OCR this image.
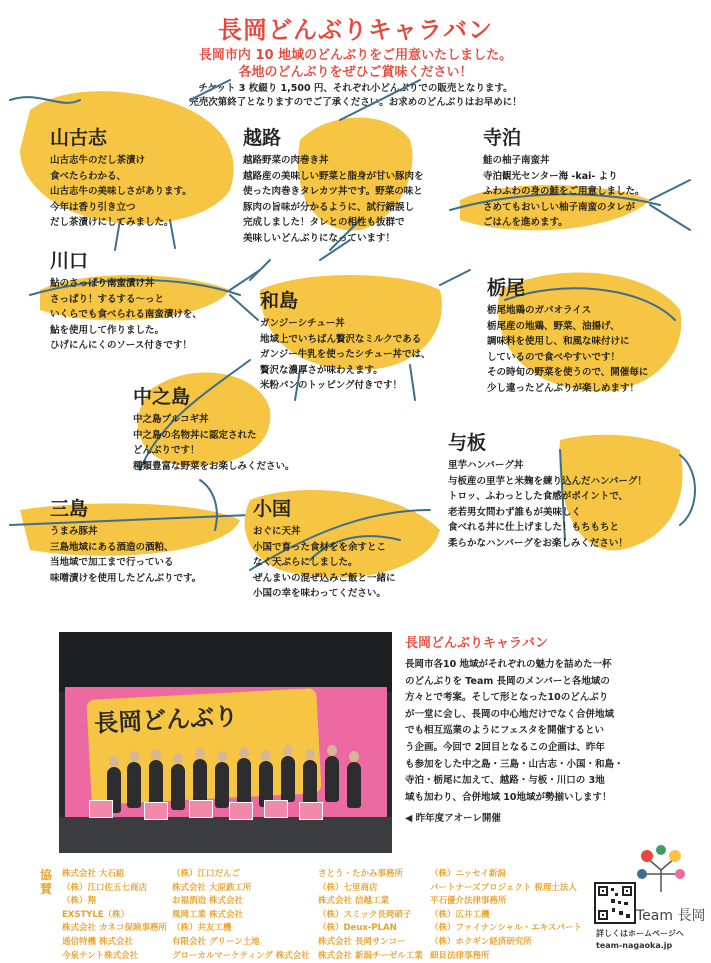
長岡どんぶりキャラバン
長岡市内 10 地域のどんぶりをご用意いたしました。
各地のどんぶりをぜひご賞味ください！
チケット 3 枚綴り 1,500 円、それぞれ小どんぶりでの販売となります。
完売次第終了となりますのでご了承ください。お求めのどんぶりはお早めに！
山古志
山古志牛のだし茶漬け
食べたらわかる、
山古志牛の美味しさがあります。
今年は香り引き立つ
だし茶漬けにしてみました。
越路
越路野菜の肉巻き丼
越路産の美味しい野菜と脂身が甘い豚肉を
使った肉巻きタレカツ丼です。野菜の味と
豚肉の旨味が分かるように、試行錯誤し
完成しました！タレとの相性も抜群で
美味しいどんぶりになっています！
寺泊
鮭の柚子南蛮丼
寺泊観光センター海 -kai- より
ふわふわの身の鮭をご用意しました。
さめてもおいしい柚子南蛮のタレが
ごはんを進めます。
川口
鮎のさっぱり南蛮漬け丼
さっぱり！するする〜っと
いくらでも食べられる南蛮漬けを、
鮎を使用して作りました。
ひげにんにくのソース付きです！
和島
ガンジーシチュー丼
地域上でいちばん贅沢なミルクである
ガンジー牛乳を使ったシチュー丼では、
贅沢な濃厚さが味わえます。
米粉パンのトッピング付きです！
栃尾
栃尾地鶏のガパオライス
栃尾産の地鶏、野菜、油揚げ、
調味料を使用し、和風な味付けに
しているので食べやすいです！
その時旬の野菜を使うので、開催毎に
少し違ったどんぶりが楽しめます！
中之島
中之島プルコギ丼
中之島の名物丼に認定された
どんぶりです！
種類豊富な野菜をお楽しみください。
与板
里芋ハンバーグ丼
与板産の里芋と米麹を練り込んだハンバーグ！
トロッ、ふわっとした食感がポイントで、
老若男女問わず誰もが美味しく
食べれる丼に仕上げました！もちもちと
柔らかなハンバーグをお楽しみください！
三島
うまみ豚丼
三島地域にある酒造の酒粕、
当地域で加工まで行っている
味噌漬けを使用したどんぶりです。
小国
おぐに天丼
小国で育った食材をを余すとこ
なく天ぷらにしました。
ぜんまいの混ぜ込みご飯と一緒に
小国の幸を味わってください。
長岡どんぶり
長岡どんぶりキャラバン
長岡市各10 地域がそれぞれの魅力を詰めた一杯
のどんぶりを Team 長岡のメンバーと各地域の
方々とで考案。そして形となった10のどんぶり
が一堂に会し、長岡の中心地だけでなく合併地域
でも相互巡業のようにフェスタを開催するとい
う企画。今回で 2回目となるこの企画は、昨年
も参加をした中之島・三島・山古志・小国・和島・
寺泊・栃尾に加えて、越路・与板・川口の 3地
域も加わり、合併地域 10地域が勢揃いします！
◀ 昨年度アオーレ開催
協賛
株式会社 大石組
（株）江口佐五七商店
（株）翔
EXSTYLE（株）
株式会社 カネコ保険事務所
通信特機 株式会社
今泉テント株式会社
（株）江口だんご
株式会社 大原鉄工所
お福酒造 株式会社
凰岡工業 株式会社
（株）共友工機
有限会社 グリーン土地
グローカルマーケティング 株式会社
さとう・たかみ事務所
（株）七里商店
株式会社 信越工業
（株）スミック長岡硝子
（株）Deux-PLAN
株式会社 長岡サンコー
株式会社 新潟チーゼル工業
（株）ニッセイ新潟
パートナーズプロジェクト 税理士法人
平石優介法律事務所
（株）広井工機
（株）ファイナンシャル・エキスパート
（株）ホクギン経済研究所
細貝法律事務所
Team 長岡
詳しくはホームページへ
team-nagaoka.jp
